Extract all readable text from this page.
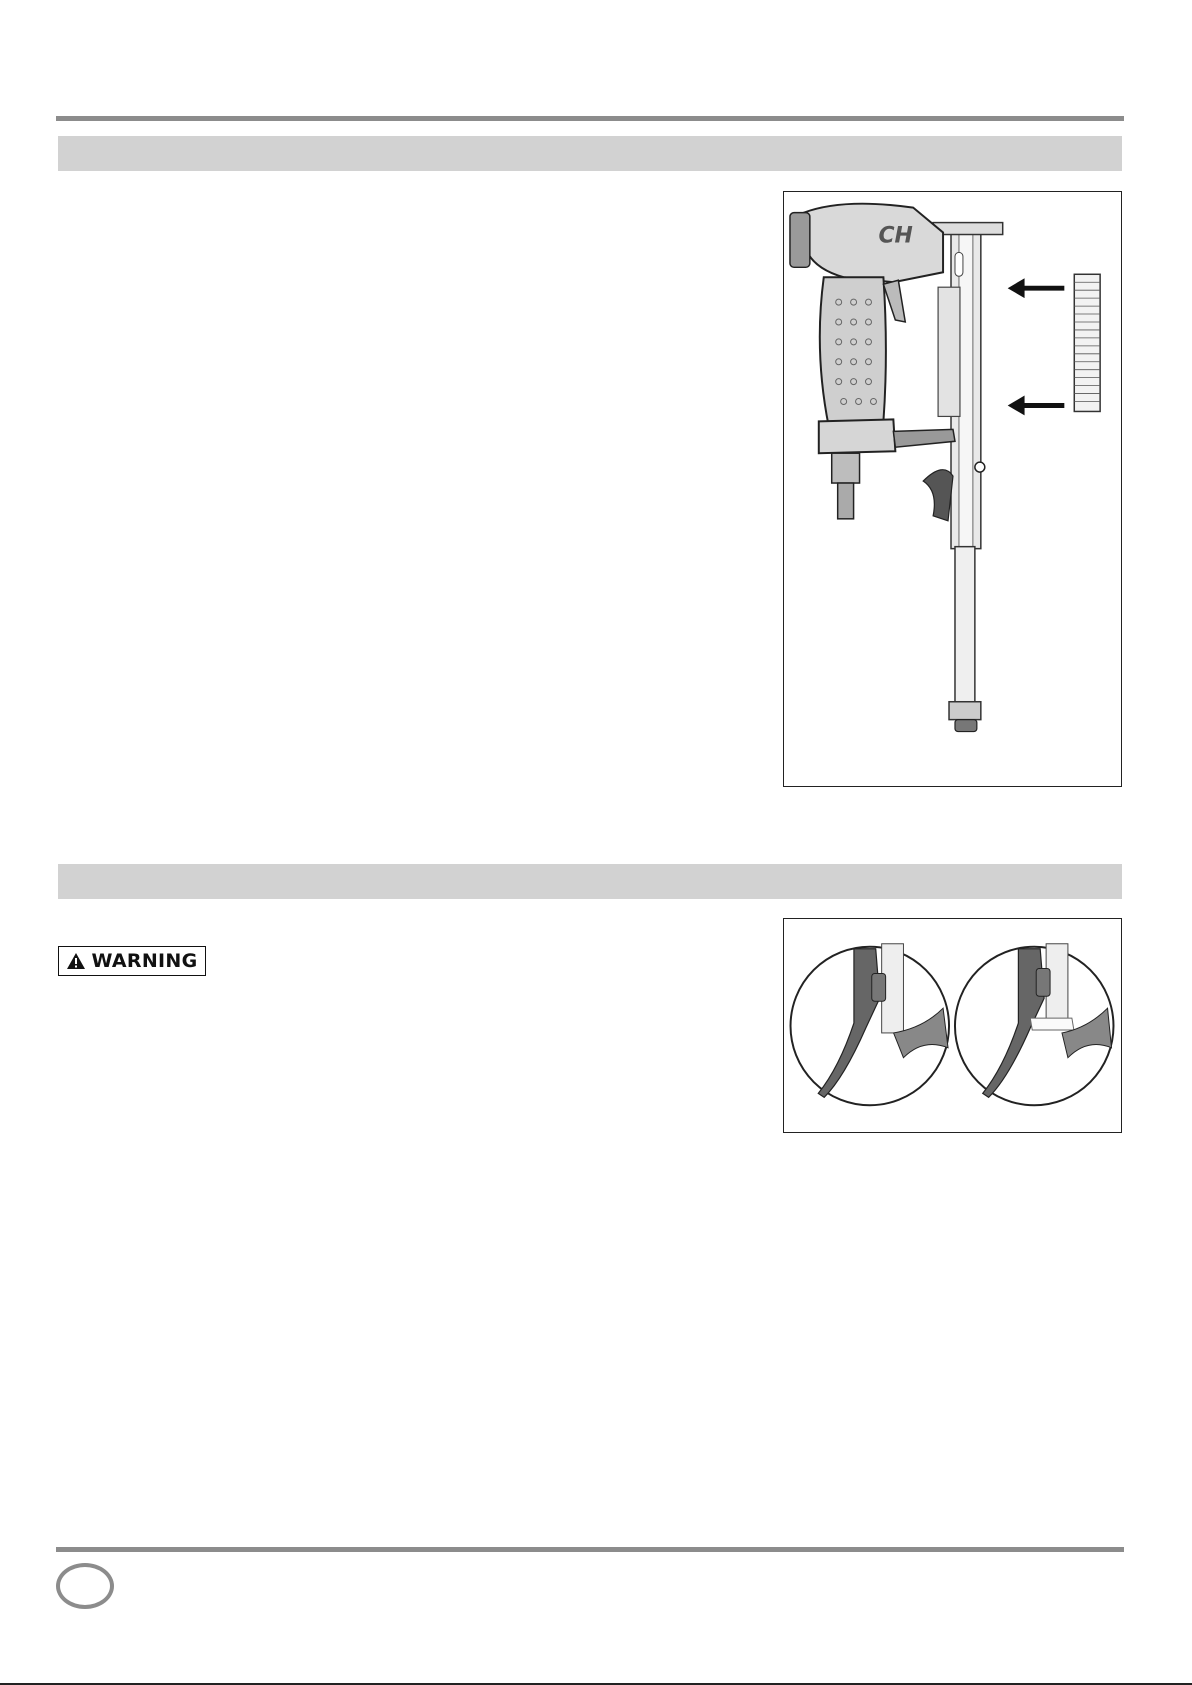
CH
WARNING
